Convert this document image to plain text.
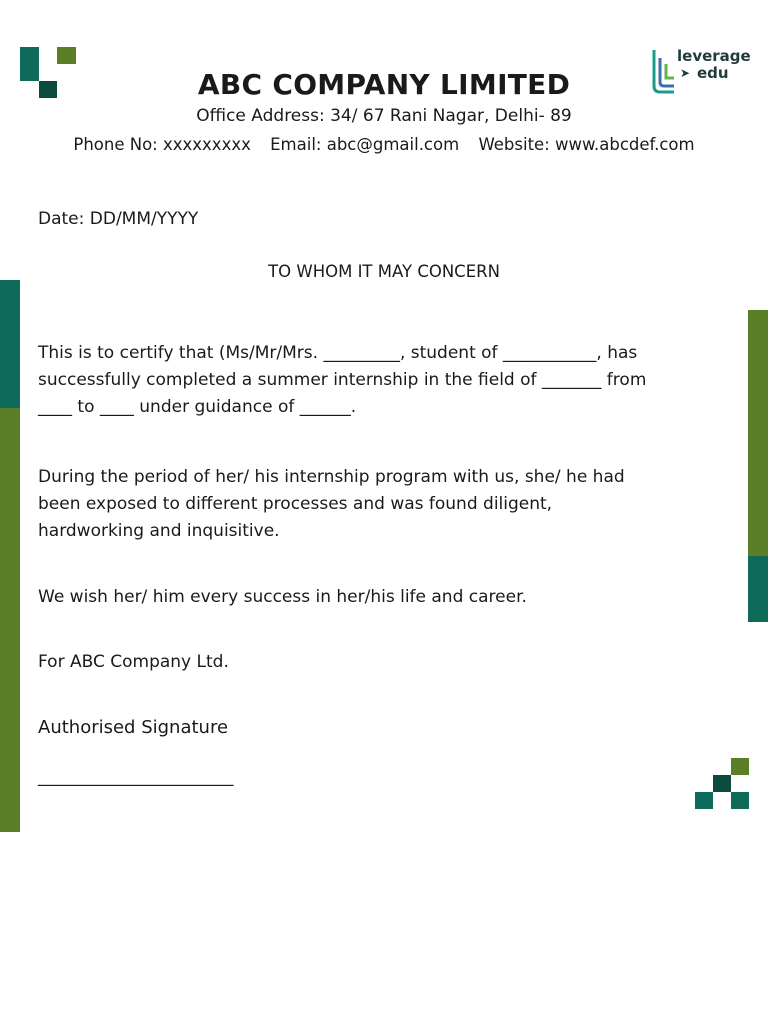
leverage
➤ edu
ABC COMPANY LIMITED
Office Address: 34/ 67 Rani Nagar, Delhi- 89
Phone No: xxxxxxxxx Email: abc@gmail.com Website: www.abcdef.com
Date: DD/MM/YYYY
TO WHOM IT MAY CONCERN
This is to certify that (Ms/Mr/Mrs. _________, student of ___________, has
successfully completed a summer internship in the field of _______ from
____ to ____ under guidance of ______.
During the period of her/ his internship program with us, she/ he had
been exposed to different processes and was found diligent,
hardworking and inquisitive.
We wish her/ him every success in her/his life and career.
For ABC Company Ltd.
Authorised Signature
_______________________
